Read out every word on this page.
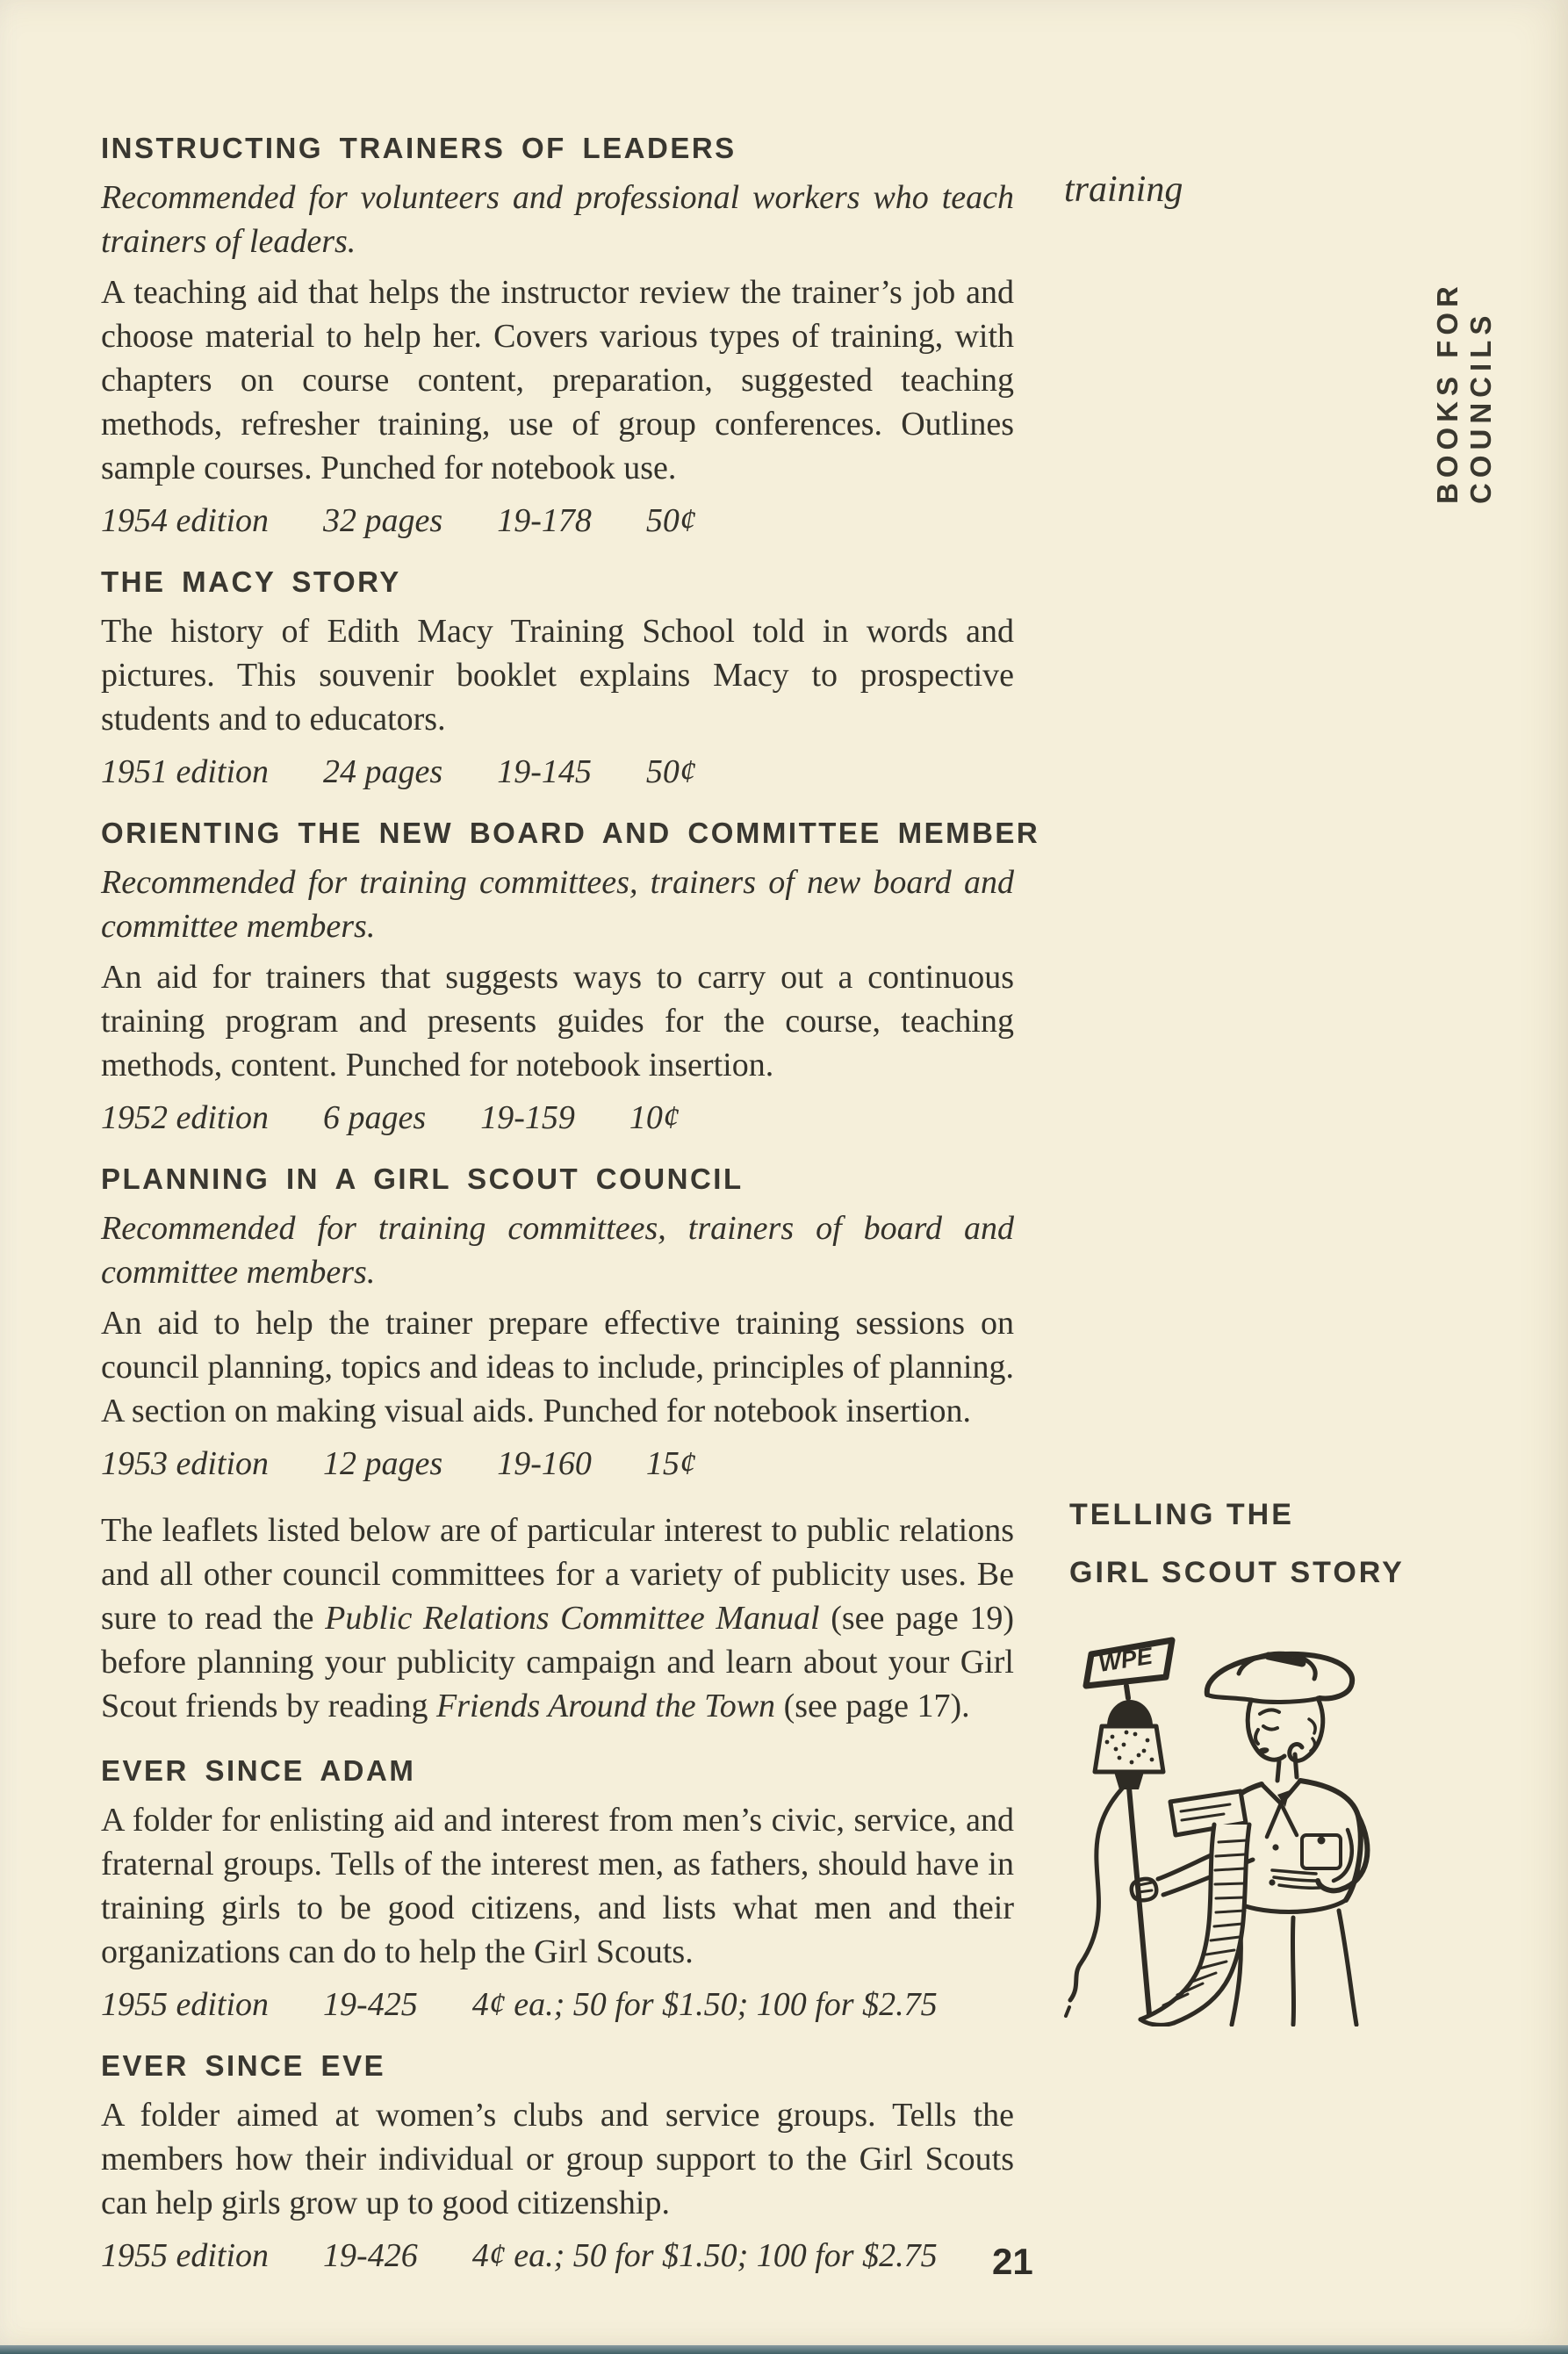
INSTRUCTING TRAINERS OF LEADERS

Recommended for volunteers and professional workers who teach trainers of leaders.

A teaching aid that helps the instructor review the trainer’s job and choose material to help her. Covers various types of training, with chapters on course content, preparation, suggested teaching methods, refresher training, use of group conferences. Outlines sample courses. Punched for notebook use.

1954 edition 32 pages 19-178 50¢

THE MACY STORY

The history of Edith Macy Training School told in words and pictures. This souvenir booklet explains Macy to prospective students and to educators.

1951 edition 24 pages 19-145 50¢

ORIENTING THE NEW BOARD AND COMMITTEE MEMBER

Recommended for training committees, trainers of new board and committee members.

An aid for trainers that suggests ways to carry out a continuous training program and presents guides for the course, teaching methods, content. Punched for notebook insertion.

1952 edition 6 pages 19-159 10¢

PLANNING IN A GIRL SCOUT COUNCIL

Recommended for training committees, trainers of board and committee members.

An aid to help the trainer prepare effective training sessions on council planning, topics and ideas to include, principles of planning. A section on making visual aids. Punched for notebook insertion.

1953 edition 12 pages 19-160 15¢

The leaflets listed below are of particular interest to public relations and all other council committees for a variety of publicity uses. Be sure to read the Public Relations Committee Manual (see page 19) before planning your publicity campaign and learn about your Girl Scout friends by reading Friends Around the Town (see page 17).

EVER SINCE ADAM

A folder for enlisting aid and interest from men’s civic, service, and fraternal groups. Tells of the interest men, as fathers, should have in training girls to be good citizens, and lists what men and their organizations can do to help the Girl Scouts.

1955 edition 19-425 4¢ ea.; 50 for $1.50; 100 for $2.75

EVER SINCE EVE

A folder aimed at women’s clubs and service groups. Tells the members how their individual or group support to the Girl Scouts can help girls grow up to good citizenship.

1955 edition 19-426 4¢ ea.; 50 for $1.50; 100 for $2.75

training
TELLING THE
GIRL SCOUT STORY
WPE
BOOKS FOR COUNCILS
21
